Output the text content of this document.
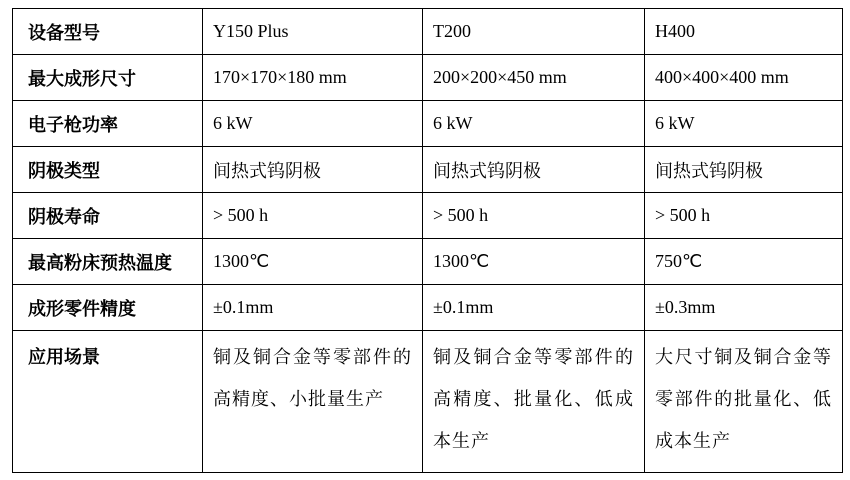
设备型号	Y150 Plus	T200	H400
最大成形尺寸	170×170×180 mm	200×200×450 mm	400×400×400 mm
电子枪功率	6 kW	6 kW	6 kW
阴极类型	间热式钨阴极	间热式钨阴极	间热式钨阴极
阴极寿命	> 500 h	> 500 h	> 500 h
最高粉床预热温度	1300℃	1300℃	750℃
成形零件精度	±0.1mm	±0.1mm	±0.3mm
应用场景	铜及铜合金等零部件的高精度、小批量生产	铜及铜合金等零部件的高精度、批量化、低成本生产	大尺寸铜及铜合金等零部件的批量化、低成本生产
